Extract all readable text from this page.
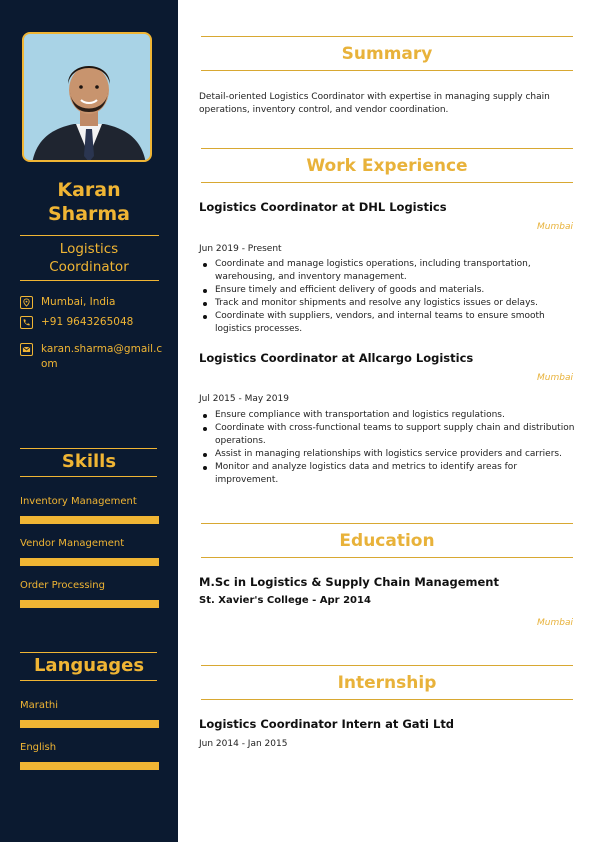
Karan
Sharma
Logistics
Coordinator
Mumbai, India
+91 9643265048
karan.sharma@gmail.com
Skills
Inventory Management
Vendor Management
Order Processing
Languages
Marathi
English
Summary
Detail-oriented Logistics Coordinator with expertise in managing supply chain operations, inventory control, and vendor coordination.
Work Experience
Logistics Coordinator at DHL Logistics
Mumbai
Jun 2019 - Present
Coordinate and manage logistics operations, including transportation, warehousing, and inventory management.
Ensure timely and efficient delivery of goods and materials.
Track and monitor shipments and resolve any logistics issues or delays.
Coordinate with suppliers, vendors, and internal teams to ensure smooth logistics processes.
Logistics Coordinator at Allcargo Logistics
Mumbai
Jul 2015 - May 2019
Ensure compliance with transportation and logistics regulations.
Coordinate with cross-functional teams to support supply chain and distribution operations.
Assist in managing relationships with logistics service providers and carriers.
Monitor and analyze logistics data and metrics to identify areas for improvement.
Education
M.Sc in Logistics & Supply Chain Management
St. Xavier's College - Apr 2014
Mumbai
Internship
Logistics Coordinator Intern at Gati Ltd
Jun 2014 - Jan 2015
